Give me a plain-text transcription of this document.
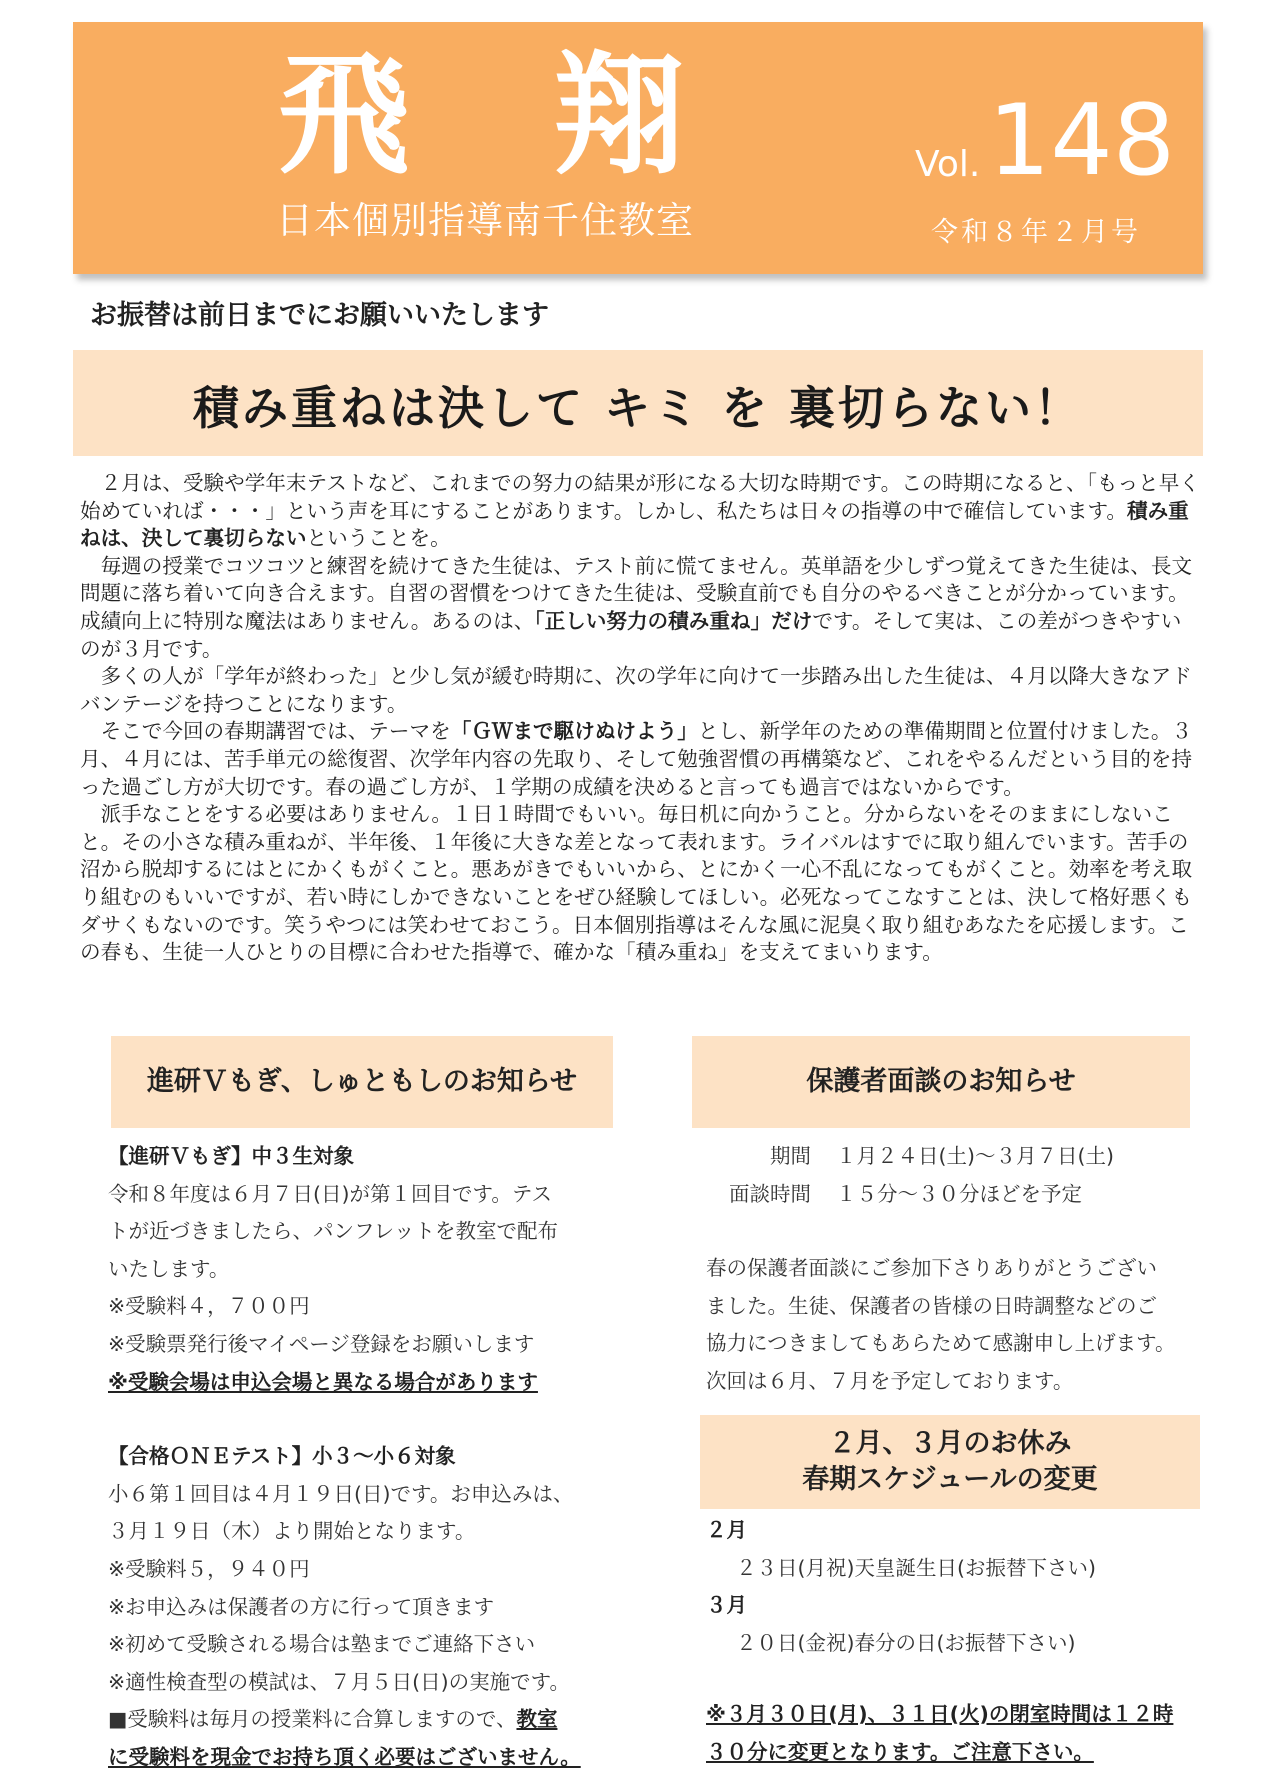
飛 翔
日本個別指導南千住教室
Vol. 148
令和８年２月号
お振替は前日までにお願いいたします
積み重ねは決して キミ を 裏切らない！

２月は、受験や学年末テストなど、これまでの努力の結果が形になる大切な時期です。この時期になると、「もっと早く始めていれば・・・」という声を耳にすることがあります。しかし、私たちは日々の指導の中で確信しています。積み重ねは、決して裏切らないということを。

毎週の授業でコツコツと練習を続けてきた生徒は、テスト前に慌てません。英単語を少しずつ覚えてきた生徒は、長文問題に落ち着いて向き合えます。自習の習慣をつけてきた生徒は、受験直前でも自分のやるべきことが分かっています。成績向上に特別な魔法はありません。あるのは、「正しい努力の積み重ね」だけです。そして実は、この差がつきやすいのが３月です。

多くの人が「学年が終わった」と少し気が緩む時期に、次の学年に向けて一歩踏み出した生徒は、４月以降大きなアドバンテージを持つことになります。

そこで今回の春期講習では、テーマを「ＧＷまで駆けぬけよう」とし、新学年のための準備期間と位置付けました。３月、４月には、苦手単元の総復習、次学年内容の先取り、そして勉強習慣の再構築など、これをやるんだという目的を持った過ごし方が大切です。春の過ごし方が、１学期の成績を決めると言っても過言ではないからです。

派手なことをする必要はありません。１日１時間でもいい。毎日机に向かうこと。分からないをそのままにしないこと。その小さな積み重ねが、半年後、１年後に大きな差となって表れます。ライバルはすでに取り組んでいます。苦手の沼から脱却するにはとにかくもがくこと。悪あがきでもいいから、とにかく一心不乱になってもがくこと。効率を考え取り組むのもいいですが、若い時にしかできないことをぜひ経験してほしい。必死なってこなすことは、決して格好悪くもダサくもないのです。笑うやつには笑わせておこう。日本個別指導はそんな風に泥臭く取り組むあなたを応援します。この春も、生徒一人ひとりの目標に合わせた指導で、確かな「積み重ね」を支えてまいります。

進研Ｖもぎ、しゅともしのお知らせ
【進研Ｖもぎ】中３生対象
令和８年度は６月７日(日)が第１回目です。テス
トが近づきましたら、パンフレットを教室で配布
いたします。
※受験料４，７００円
※受験票発行後マイページ登録をお願いします
※受験会場は申込会場と異なる場合があります
【合格ＯＮＥテスト】小３～小６対象
小６第１回目は４月１９日(日)です。お申込みは、
３月１９日（木）より開始となります。
※受験料５，９４０円
※お申込みは保護者の方に行って頂きます
※初めて受験される場合は塾までご連絡下さい
※適性検査型の模試は、７月５日(日)の実施です。
■受験料は毎月の授業料に合算しますので、教室
に受験料を現金でお持ち頂く必要はございません。
保護者面談のお知らせ
期間 １月２４日(土)～３月７日(土)
面談時間 １５分～３０分ほどを予定
春の保護者面談にご参加下さりありがとうござい
ました。生徒、保護者の皆様の日時調整などのご
協力につきましてもあらためて感謝申し上げます。
次回は６月、７月を予定しております。
２月、３月のお休み
春期スケジュールの変更
２月
２３日(月祝)天皇誕生日(お振替下さい)
３月
２０日(金祝)春分の日(お振替下さい)
※３月３０日(月)、３１日(火)の閉室時間は１２時
３０分に変更となります。ご注意下さい。
